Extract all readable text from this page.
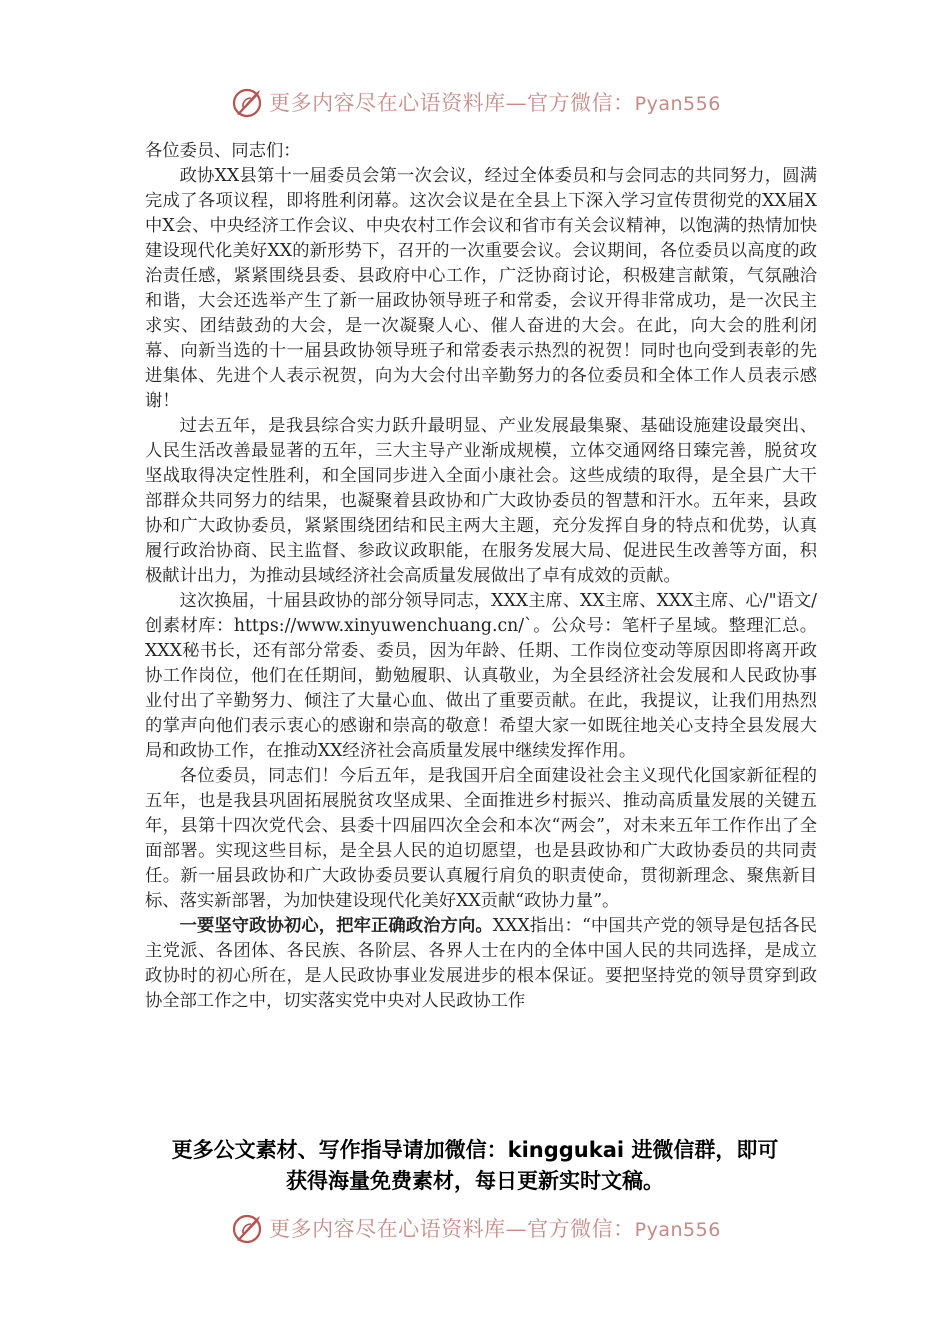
更多内容尽在心语资料库—官方微信：Pyan556

各位委员、同志们：

政协XX县第十一届委员会第一次会议，经过全体委员和与会同志的共同努力，圆满完成了各项议程，即将胜利闭幕。这次会议是在全县上下深入学习宣传贯彻党的XX届X中X会、中央经济工作会议、中央农村工作会议和省市有关会议精神，以饱满的热情加快建设现代化美好XX的新形势下，召开的一次重要会议。会议期间，各位委员以高度的政治责任感，紧紧围绕县委、县政府中心工作，广泛协商讨论，积极建言献策，气氛融洽和谐，大会还选举产生了新一届政协领导班子和常委，会议开得非常成功，是一次民主求实、团结鼓劲的大会，是一次凝聚人心、催人奋进的大会。在此，向大会的胜利闭幕、向新当选的十一届县政协领导班子和常委表示热烈的祝贺！同时也向受到表彰的先进集体、先进个人表示祝贺，向为大会付出辛勤努力的各位委员和全体工作人员表示感谢！

过去五年，是我县综合实力跃升最明显、产业发展最集聚、基础设施建设最突出、人民生活改善最显著的五年，三大主导产业渐成规模，立体交通网络日臻完善，脱贫攻坚战取得决定性胜利，和全国同步进入全面小康社会。这些成绩的取得，是全县广大干部群众共同努力的结果，也凝聚着县政协和广大政协委员的智慧和汗水。五年来，县政协和广大政协委员，紧紧围绕团结和民主两大主题，充分发挥自身的特点和优势，认真履行政治协商、民主监督、参政议政职能，在服务发展大局、促进民生改善等方面，积极献计出力，为推动县域经济社会高质量发展做出了卓有成效的贡献。

这次换届，十届县政协的部分领导同志，XXX主席、XX主席、XXX主席、心/"语文/创素材库：https://www.xinyuwenchuang.cn/`。公众号：笔杆子星域。整理汇总。XXX秘书长，还有部分常委、委员，因为年龄、任期、工作岗位变动等原因即将离开政协工作岗位，他们在任期间，勤勉履职、认真敬业，为全县经济社会发展和人民政协事业付出了辛勤努力、倾注了大量心血、做出了重要贡献。在此，我提议，让我们用热烈的掌声向他们表示衷心的感谢和崇高的敬意！希望大家一如既往地关心支持全县发展大局和政协工作，在推动XX经济社会高质量发展中继续发挥作用。

各位委员，同志们！今后五年，是我国开启全面建设社会主义现代化国家新征程的五年，也是我县巩固拓展脱贫攻坚成果、全面推进乡村振兴、推动高质量发展的关键五年，县第十四次党代会、县委十四届四次全会和本次“两会”，对未来五年工作作出了全面部署。实现这些目标，是全县人民的迫切愿望，也是县政协和广大政协委员的共同责任。新一届县政协和广大政协委员要认真履行肩负的职责使命，贯彻新理念、聚焦新目标、落实新部署，为加快建设现代化美好XX贡献“政协力量”。

一要坚守政协初心，把牢正确政治方向。XXX指出：“中国共产党的领导是包括各民主党派、各团体、各民族、各阶层、各界人士在内的全体中国人民的共同选择，是成立政协时的初心所在，是人民政协事业发展进步的根本保证。要把坚持党的领导贯穿到政协全部工作之中，切实落实党中央对人民政协工作

更多公文素材、写作指导请加微信：kinggukai 进微信群，即可
获得海量免费素材，每日更新实时文稿。
更多内容尽在心语资料库—官方微信：Pyan556
